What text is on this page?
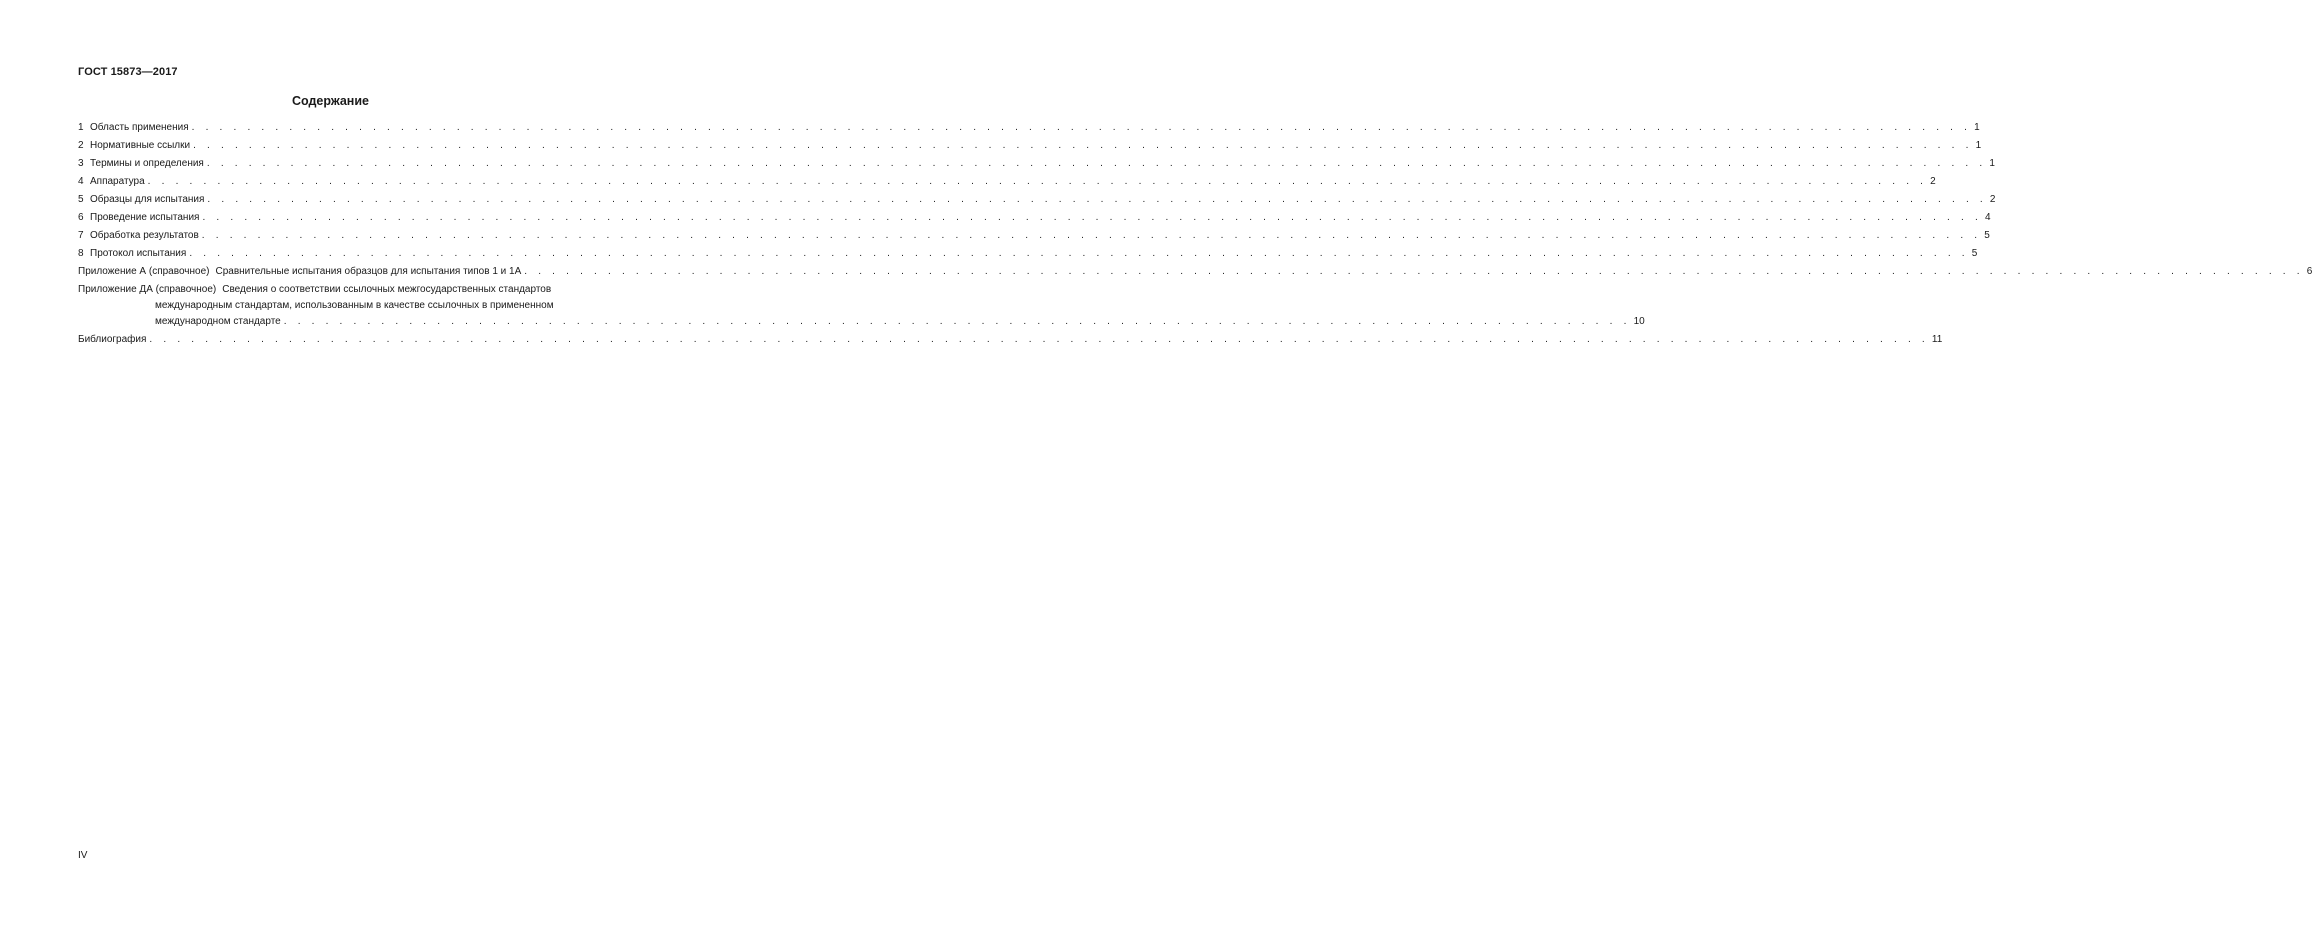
ГОСТ 15873—2017
Содержание
1 Область применения . . .	1
2 Нормативные ссылки . . .	1
3 Термины и определения . . .	1
4 Аппаратура . . .	2
5 Образцы для испытания . . .	2
6 Проведение испытания . . .	4
7 Обработка результатов . . .	5
8 Протокол испытания . . .	5
Приложение А (справочное) Сравнительные испытания образцов для испытания типов 1 и 1А . . .	6
Приложение ДА (справочное) Сведения о соответствии ссылочных межгосударственных стандартов
международным стандартам, использованным в качестве ссылочных в примененном
международном стандарте . . .	10
Библиография . . .	11
IV
